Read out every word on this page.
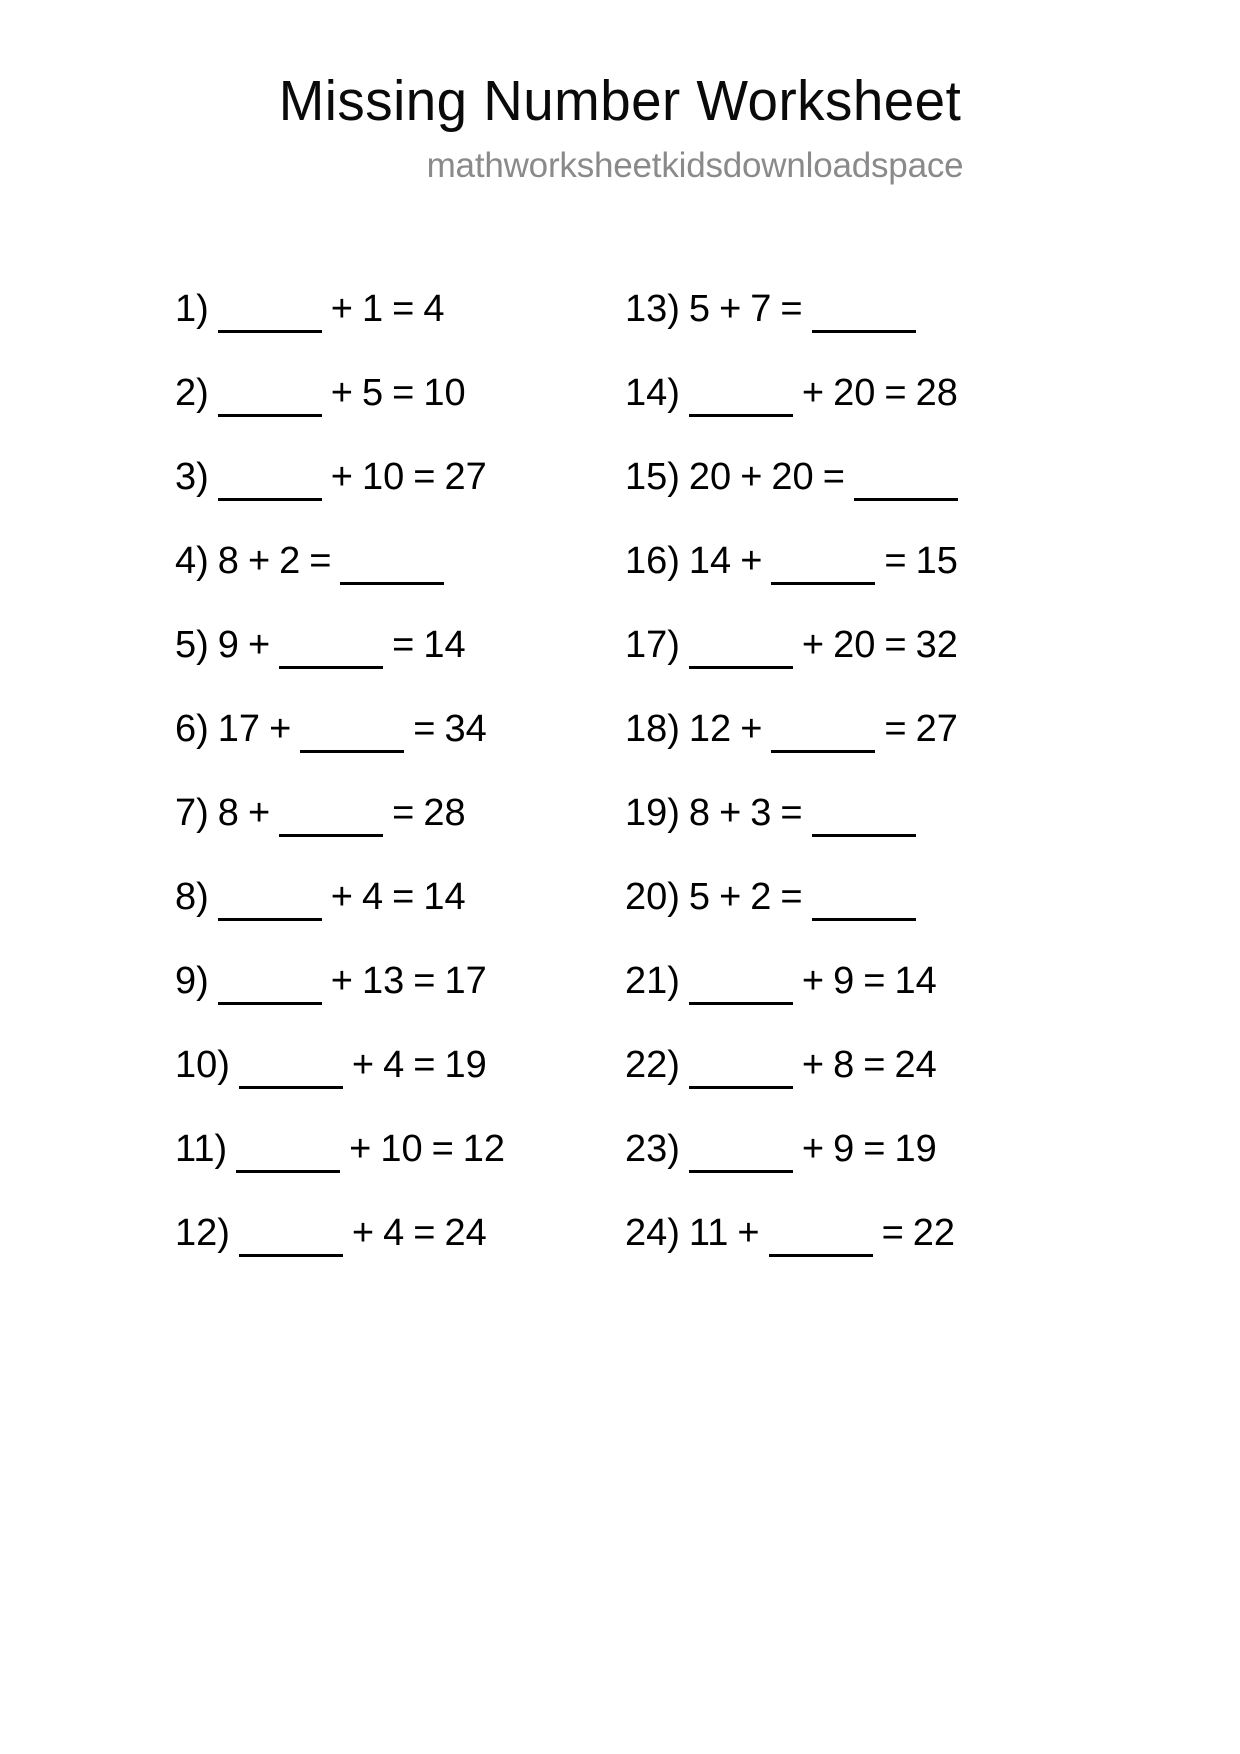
Missing Number Worksheet

mathworksheetkidsdownloadspace

1)	+ 1 = 4
2)	+ 5 = 10
3)	+ 10 = 27
4) 8 + 2 =
5) 9 +	= 14
6) 17 +	= 34
7) 8 +	= 28
8)	+ 4 = 14
9)	+ 13 = 17
10)	+ 4 = 19
11)	+ 10 = 12
12)	+ 4 = 24
13) 5 + 7 =
14)	+ 20 = 28
15) 20 + 20 =
16) 14 +	= 15
17)	+ 20 = 32
18) 12 +	= 27
19) 8 + 3 =
20) 5 + 2 =
21)	+ 9 = 14
22)	+ 8 = 24
23)	+ 9 = 19
24) 11 +	= 22
